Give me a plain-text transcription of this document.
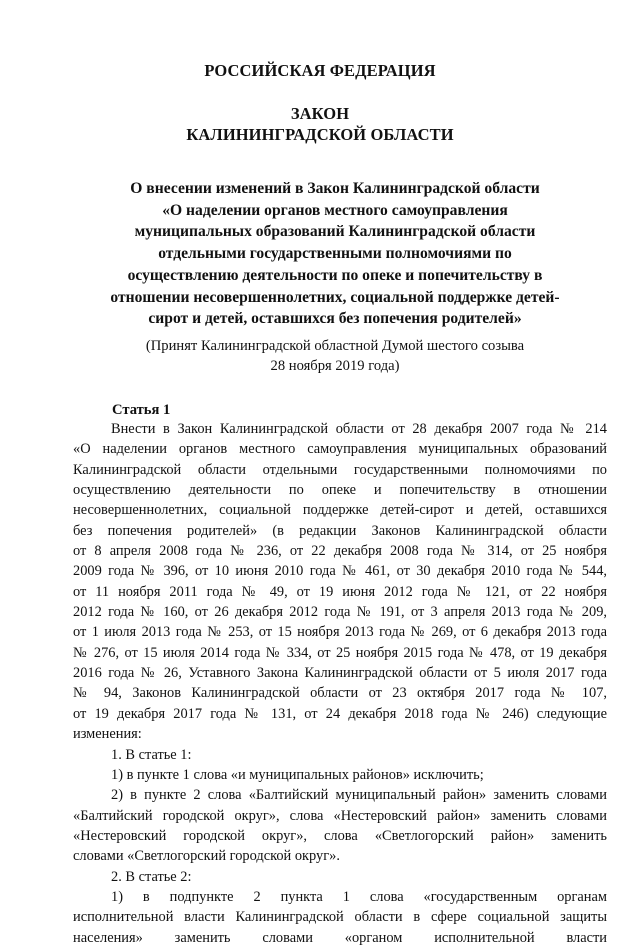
РОССИЙСКАЯ ФЕДЕРАЦИЯ
ЗАКОН
КАЛИНИНГРАДСКОЙ ОБЛАСТИ
О внесении изменений в Закон Калининградской области
«О наделении органов местного самоуправления
муниципальных образований Калининградской области
отдельными государственными полномочиями по
осуществлению деятельности по опеке и попечительству в
отношении несовершеннолетних, социальной поддержке детей-
сирот и детей, оставшихся без попечения родителей»
(Принят Калининградской областной Думой шестого созыва
28 ноября 2019 года)
Статья 1
Внести в Закон Калининградской области от 28 декабря 2007 года № 214
«О наделении органов местного самоуправления муниципальных образований
Калининградской области отдельными государственными полномочиями по
осуществлению деятельности по опеке и попечительству в отношении
несовершеннолетних, социальной поддержке детей-сирот и детей, оставшихся
без попечения родителей» (в редакции Законов Калининградской области
от 8 апреля 2008 года № 236, от 22 декабря 2008 года № 314, от 25 ноября
2009 года № 396, от 10 июня 2010 года № 461, от 30 декабря 2010 года № 544,
от 11 ноября 2011 года № 49, от 19 июня 2012 года № 121, от 22 ноября
2012 года № 160, от 26 декабря 2012 года № 191, от 3 апреля 2013 года № 209,
от 1 июля 2013 года № 253, от 15 ноября 2013 года № 269, от 6 декабря 2013 года
№ 276, от 15 июля 2014 года № 334, от 25 ноября 2015 года № 478, от 19 декабря
2016 года № 26, Уставного Закона Калининградской области от 5 июля 2017 года
№ 94, Законов Калининградской области от 23 октября 2017 года № 107,
от 19 декабря 2017 года № 131, от 24 декабря 2018 года № 246) следующие
изменения:
1. В статье 1:
1) в пункте 1 слова «и муниципальных районов» исключить;
2) в пункте 2 слова «Балтийский муниципальный район» заменить словами
«Балтийский городской округ», слова «Нестеровский район» заменить словами
«Нестеровский городской округ», слова «Светлогорский район» заменить
словами «Светлогорский городской округ».
2. В статье 2:
1) в подпункте 2 пункта 1 слова «государственным органам
исполнительной власти Калининградской области в сфере социальной защиты
населения» заменить словами «органом исполнительной власти
